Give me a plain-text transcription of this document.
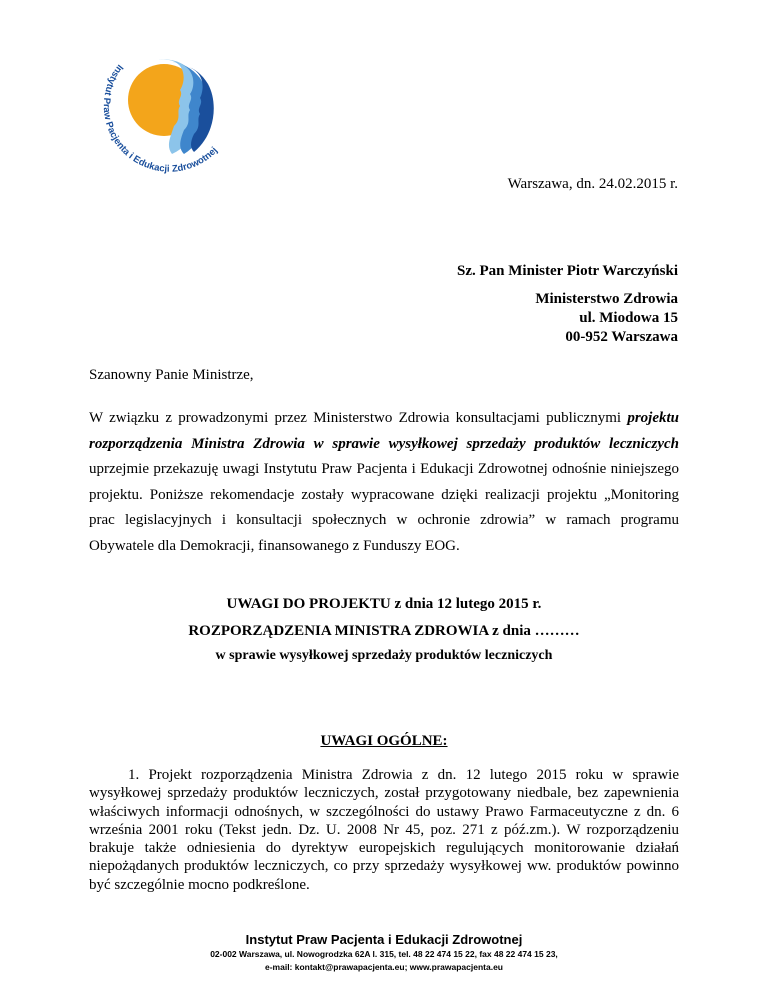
Instytut Praw Pacjenta i Edukacji Zdrowotnej
Warszawa, dn. 24.02.2015 r.
Sz. Pan Minister Piotr Warczyński
Ministerstwo Zdrowia
ul. Miodowa 15
00-952 Warszawa
Szanowny Panie Ministrze,
W związku z prowadzonymi przez Ministerstwo Zdrowia konsultacjami publicznymi projektu rozporządzenia Ministra Zdrowia w sprawie wysyłkowej sprzedaży produktów leczniczych uprzejmie przekazuję uwagi Instytutu Praw Pacjenta i Edukacji Zdrowotnej odnośnie niniejszego projektu. Poniższe rekomendacje zostały wypracowane dzięki realizacji projektu „Monitoring prac legislacyjnych i konsultacji społecznych w ochronie zdrowia” w ramach programu Obywatele dla Demokracji, finansowanego z Funduszy EOG.
UWAGI DO PROJEKTU z dnia 12 lutego 2015 r.
ROZPORZĄDZENIA MINISTRA ZDROWIA z dnia ………
w sprawie wysyłkowej sprzedaży produktów leczniczych
UWAGI OGÓLNE:
1. Projekt rozporządzenia Ministra Zdrowia z dn. 12 lutego 2015 roku w sprawie wysyłkowej sprzedaży produktów leczniczych, został przygotowany niedbale, bez zapewnienia właściwych informacji odnośnych, w szczególności do ustawy Prawo Farmaceutyczne z dn. 6 września 2001 roku (Tekst jedn. Dz. U. 2008 Nr 45, poz. 271 z póź.zm.). W rozporządzeniu brakuje także odniesienia do dyrektyw europejskich regulujących monitorowanie działań niepożądanych produktów leczniczych, co przy sprzedaży wysyłkowej ww. produktów powinno być szczególnie mocno podkreślone.
Instytut Praw Pacjenta i Edukacji Zdrowotnej
02-002 Warszawa, ul. Nowogrodzka 62A l. 315, tel. 48 22 474 15 22, fax 48 22 474 15 23,
e-mail: kontakt@prawapacjenta.eu; www.prawapacjenta.eu
